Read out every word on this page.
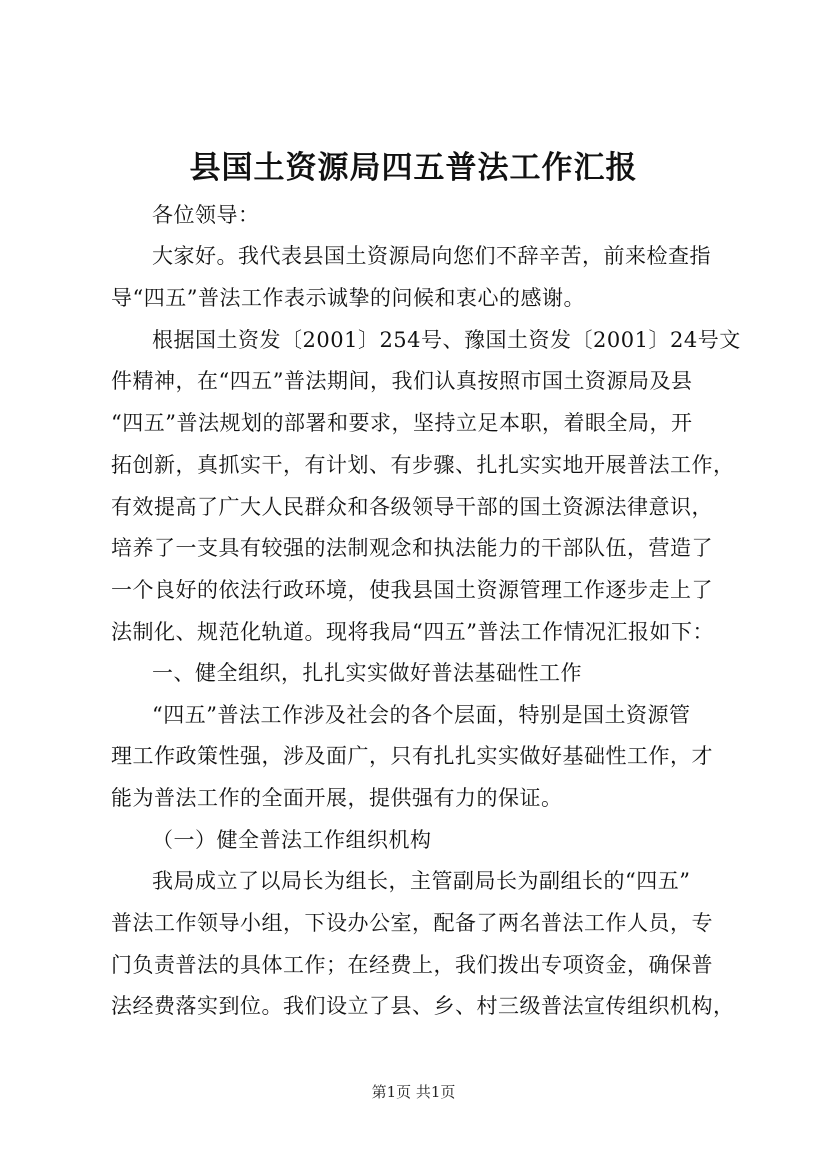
县国土资源局四五普法工作汇报
各位领导：
大家好。我代表县国土资源局向您们不辞辛苦，前来检查指
导“四五”普法工作表示诚挚的问候和衷心的感谢。
根据国土资发〔2001〕254号、豫国土资发〔2001〕24号文
件精神，在“四五”普法期间，我们认真按照市国土资源局及县
“四五”普法规划的部署和要求，坚持立足本职，着眼全局，开
拓创新，真抓实干，有计划、有步骤、扎扎实实地开展普法工作，
有效提高了广大人民群众和各级领导干部的国土资源法律意识，
培养了一支具有较强的法制观念和执法能力的干部队伍，营造了
一个良好的依法行政环境，使我县国土资源管理工作逐步走上了
法制化、规范化轨道。现将我局“四五”普法工作情况汇报如下：
一、健全组织，扎扎实实做好普法基础性工作
“四五”普法工作涉及社会的各个层面，特别是国土资源管
理工作政策性强，涉及面广，只有扎扎实实做好基础性工作，才
能为普法工作的全面开展，提供强有力的保证。
（一）健全普法工作组织机构
我局成立了以局长为组长，主管副局长为副组长的“四五”
普法工作领导小组，下设办公室，配备了两名普法工作人员，专
门负责普法的具体工作；在经费上，我们拨出专项资金，确保普
法经费落实到位。我们设立了县、乡、村三级普法宣传组织机构，
第1页 共1页
